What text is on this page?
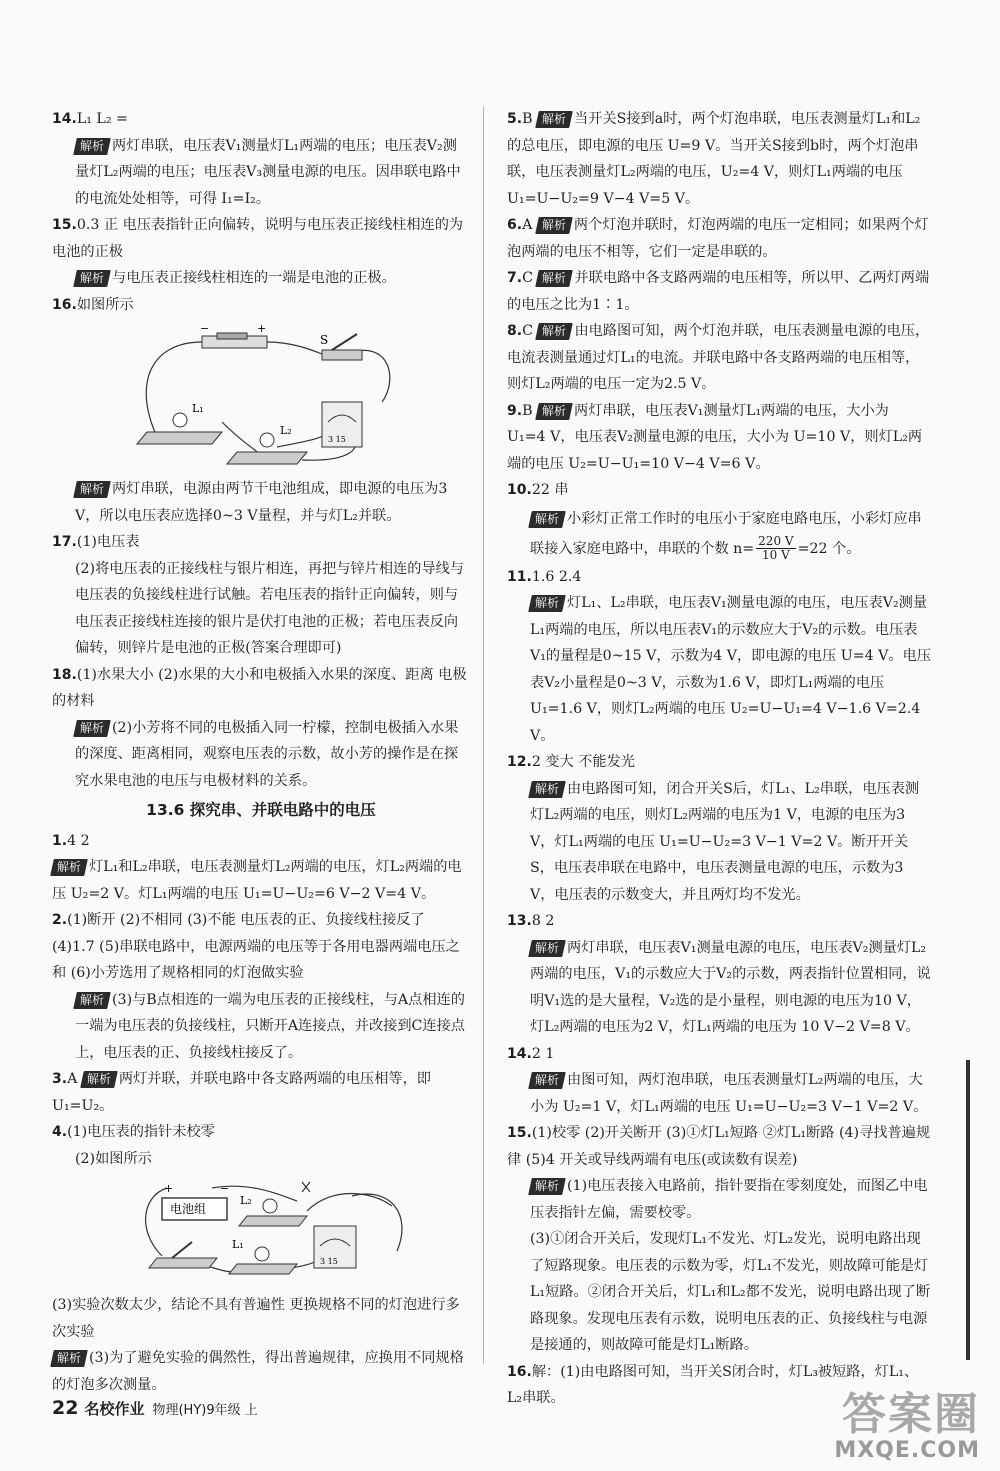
14.L₁ L₂ =

解析 两灯串联，电压表V₁测量灯L₁两端的电压；电压表V₂测量灯L₂两端的电压；电压表V₃测量电源的电压。因串联电路中的电流处处相等，可得 I₁=I₂。

15.0.3 正 电压表指针正向偏转，说明与电压表正接线柱相连的为电池的正极

解析 与电压表正接线柱相连的一端是电池的正极。

16.如图所示

−	+
S
L₁
L₂
3 15

解析 两灯串联，电源由两节干电池组成，即电源的电压为3 V，所以电压表应选择0~3 V量程，并与灯L₂并联。

17.(1)电压表

(2)将电压表的正接线柱与银片相连，再把与锌片相连的导线与电压表的负接线柱进行试触。若电压表的指针正向偏转，则与电压表正接线柱连接的银片是伏打电池的正极；若电压表反向偏转，则锌片是电池的正极(答案合理即可)

18.(1)水果大小 (2)水果的大小和电极插入水果的深度、距离 电极的材料

解析 (2)小芳将不同的电极插入同一柠檬，控制电极插入水果的深度、距离相同，观察电压表的示数，故小芳的操作是在探究水果电池的电压与电极材料的关系。

13.6 探究串、并联电路中的电压

1.4 2

解析 灯L₁和L₂串联，电压表测量灯L₂两端的电压，灯L₂两端的电压 U₂=2 V。灯L₁两端的电压 U₁=U−U₂=6 V−2 V=4 V。

2.(1)断开 (2)不相同 (3)不能 电压表的正、负接线柱接反了 (4)1.7 (5)串联电路中，电源两端的电压等于各用电器两端电压之和 (6)小芳选用了规格相同的灯泡做实验

解析 (3)与B点相连的一端为电压表的正接线柱，与A点相连的一端为电压表的负接线柱，只断开A连接点，并改接到C连接点上，电压表的正、负接线柱接反了。

3.A 解析 两灯并联，并联电路中各支路两端的电压相等，即 U₁=U₂。

4.(1)电压表的指针未校零

(2)如图所示

电池组
+	−
L₂
L₁
3 15

(3)实验次数太少，结论不具有普遍性 更换规格不同的灯泡进行多次实验

解析 (3)为了避免实验的偶然性，得出普遍规律，应换用不同规格的灯泡多次测量。

5.B 解析 当开关S接到a时，两个灯泡串联，电压表测量灯L₁和L₂的总电压，即电源的电压 U=9 V。当开关S接到b时，两个灯泡串联，电压表测量灯L₂两端的电压，U₂=4 V，则灯L₁两端的电压 U₁=U−U₂=9 V−4 V=5 V。

6.A 解析 两个灯泡并联时，灯泡两端的电压一定相同；如果两个灯泡两端的电压不相等，它们一定是串联的。

7.C 解析 并联电路中各支路两端的电压相等，所以甲、乙两灯两端的电压之比为1∶1。

8.C 解析 由电路图可知，两个灯泡并联，电压表测量电源的电压，电流表测量通过灯L₁的电流。并联电路中各支路两端的电压相等，则灯L₂两端的电压一定为2.5 V。

9.B 解析 两灯串联，电压表V₁测量灯L₁两端的电压，大小为 U₁=4 V，电压表V₂测量电源的电压，大小为 U=10 V，则灯L₂两端的电压 U₂=U−U₁=10 V−4 V=6 V。

10.22 串

解析 小彩灯正常工作时的电压小于家庭电路电压，小彩灯应串联接入家庭电路中，串联的个数 $n= \frac{220 V}{10 V} =22$ 个。

11.1.6 2.4

解析 灯L₁、L₂串联，电压表V₁测量电源的电压，电压表V₂测量L₁两端的电压，所以电压表V₁的示数应大于V₂的示数。电压表V₁的量程是0~15 V，示数为4 V，即电源的电压 U=4 V。电压表V₂小量程是0~3 V，示数为1.6 V，即灯L₁两端的电压 U₁=1.6 V，则灯L₂两端的电压 U₂=U−U₁=4 V−1.6 V=2.4 V。

12.2 变大 不能发光

解析 由电路图可知，闭合开关S后，灯L₁、L₂串联，电压表测灯L₂两端的电压，则灯L₂两端的电压为1 V，电源的电压为3 V，灯L₁两端的电压 U₁=U−U₂=3 V−1 V=2 V。断开开关S，电压表串联在电路中，电压表测量电源的电压，示数为3 V，电压表的示数变大，并且两灯均不发光。

13.8 2

解析 两灯串联，电压表V₁测量电源的电压，电压表V₂测量灯L₂两端的电压，V₁的示数应大于V₂的示数，两表指针位置相同，说明V₁选的是大量程，V₂选的是小量程，则电源的电压为10 V，灯L₂两端的电压为2 V，灯L₁两端的电压为 10 V−2 V=8 V。

14.2 1

解析 由图可知，两灯泡串联，电压表测量灯L₂两端的电压，大小为 U₂=1 V，灯L₁两端的电压 U₁=U−U₂=3 V−1 V=2 V。

15.(1)校零 (2)开关断开 (3)①灯L₁短路 ②灯L₁断路 (4)寻找普遍规律 (5)4 开关或导线两端有电压(或读数有误差)

解析 (1)电压表接入电路前，指针要指在零刻度处，而图乙中电压表指针左偏，需要校零。

(3)①闭合开关后，发现灯L₁不发光、灯L₂发光，说明电路出现了短路现象。电压表的示数为零，灯L₁不发光，则故障可能是灯L₁短路。②闭合开关后，灯L₁和L₂都不发光，说明电路出现了断路现象。发现电压表有示数，说明电压表的正、负接线柱与电源是接通的，则故障可能是灯L₁断路。

16.解：(1)由电路图可知，当开关S闭合时，灯L₃被短路，灯L₁、L₂串联。

22 名校作业 物理(HY)9年级 上	答案圈
MXQE.COM
